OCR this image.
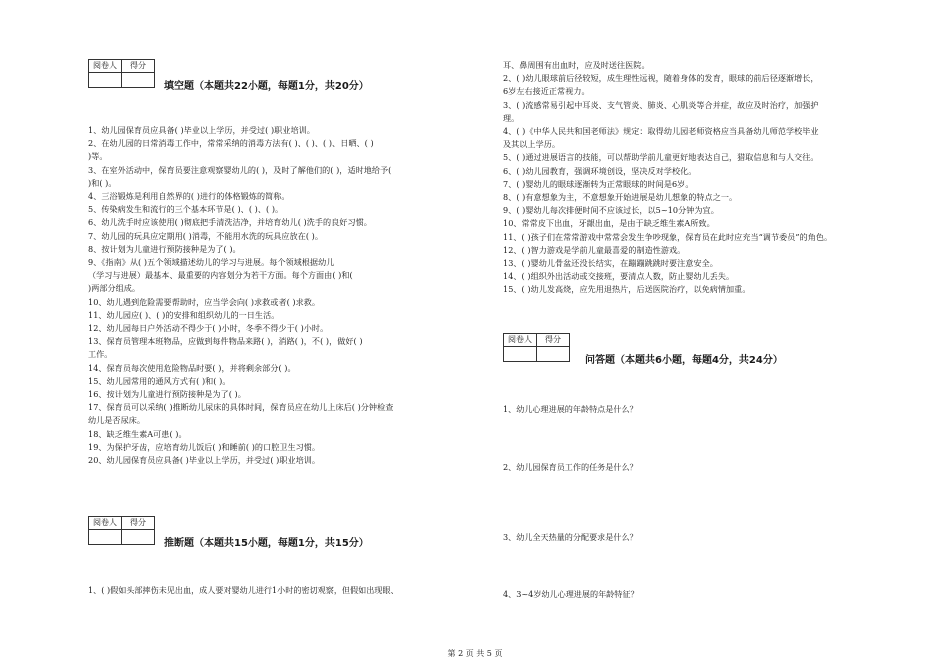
阅卷人	得分

填空题（本题共22小题，每题1分，共20分）
1、幼儿园保育员应具备( )毕业以上学历，并受过( )职业培训。
2、在幼儿园的日常消毒工作中，常常采纳的消毒方法有( )、( )、( )、日晒、( )
)等。
3、在室外活动中，保育员要注意观察婴幼儿的( )，及时了解他们的( )，适时地给予(
)和( )。
4、三浴锻炼是利用自然界的( )进行的体格锻炼的简称。
5、传染病发生和流行的三个基本环节是( )、( )、( )。
6、幼儿洗手时应该使用( )彻底把手清洗洁净，并培育幼儿( )洗手的良好习惯。
7、幼儿园的玩具应定期用( )消毒，不能用水洗的玩具应放在( )。
8、按计划为儿童进行预防接种是为了( )。
9、《指南》从( )五个领域描述幼儿的学习与进展。每个领域根据幼儿
（学习与进展）最基本、最重要的内容划分为若干方面。每个方面由( )和(
)两部分组成。
10、幼儿遇到危险需要帮助时，应当学会向( )求救或者( )求救。
11、幼儿园应( )、( )的安排和组织幼儿的一日生活。
12、幼儿园每日户外活动不得少于( )小时，冬季不得少于( )小时。
13、保育员管理本班物品，应做到每件物品来路( )，消路( )，不( )，做好( )
工作。
14、保育员每次使用危险物品时要( )，并将剩余部分( )。
15、幼儿园常用的通风方式有( )和( )。
16、按计划为儿童进行预防接种是为了( )。
17、保育员可以采纳( )推断幼儿尿床的具体时间，保育员应在幼儿上床后( )分钟检查
幼儿是否尿床。
18、缺乏维生素A可患( )。
19、为保护牙齿，应培育幼儿饭后( )和睡前( )的口腔卫生习惯。
20、幼儿园保育员应具备( )毕业以上学历，并受过( )职业培训。
阅卷人	得分

推断题（本题共15小题，每题1分，共15分）
1、( )假如头部摔伤未见出血，成人要对婴幼儿进行1小时的密切观察，但假如出现眼、
耳、鼻周围有出血时，应及时送往医院。
2、( )幼儿眼球前后径较短，成生理性远视，随着身体的发育，眼球的前后径逐渐增长，
6岁左右接近正常视力。
3、( )流感常易引起中耳炎、支气管炎、肺炎、心肌炎等合并症，故应及时治疗，加强护
理。
4、( )《中华人民共和国老师法》规定：取得幼儿园老师资格应当具备幼儿师范学校毕业
及其以上学历。
5、( )通过进展语言的技能，可以帮助学前儿童更好地表达自己，猎取信息和与人交往。
6、( )幼儿园教育，强调环境创设，坚决反对学校化。
7、( )婴幼儿的眼球逐渐转为正常眼球的时间是6岁。
8、( )有意想象为主，不意想象开始进展是幼儿想象的特点之一。
9、( )婴幼儿每次排便时间不应该过长，以5~10分钟为宜。
10、常常皮下出血，牙龈出血，是由于缺乏维生素A所致。
11、( )孩子们在常常游戏中常常会发生争吵现象，保育员在此时应充当“调节委员”的角色。
12、( )智力游戏是学前儿童最喜爱的制造性游戏。
13、( )婴幼儿骨盆还没长结实，在蹦蹦跳跳时要注意安全。
14、( )组织外出活动或交接班，要清点人数，防止婴幼儿丢失。
15、( )幼儿发高烧，应先用退热片，后送医院治疗，以免病情加重。
阅卷人	得分

问答题（本题共6小题，每题4分，共24分）
1、幼儿心理进展的年龄特点是什么？
2、幼儿园保育员工作的任务是什么？
3、幼儿全天热量的分配要求是什么？
4、3~4岁幼儿心理进展的年龄特征？
第 2 页 共 5 页
